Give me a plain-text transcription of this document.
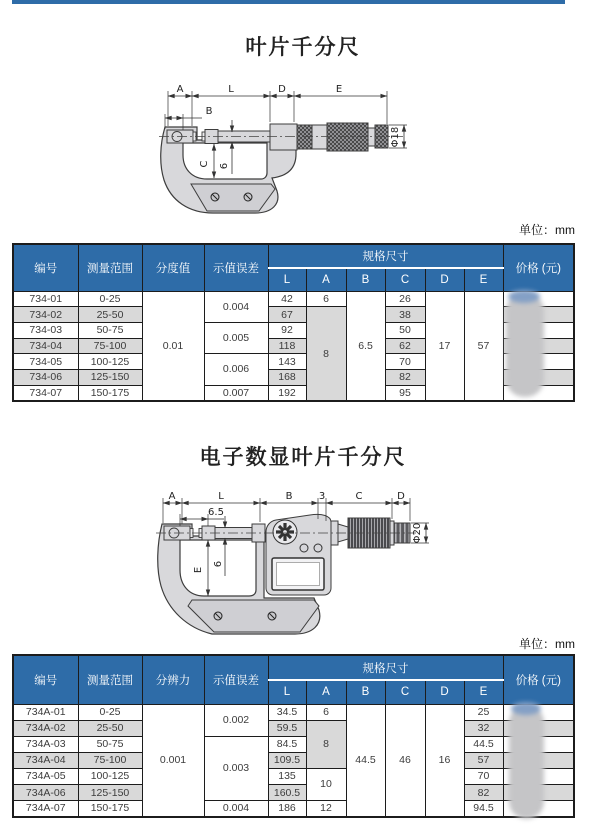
叶片千分尺
A	L	D	E
B
C 6
Φ18
单位：mm
编号	测量范围	分度值	示值误差	规格尺寸						价格 (元)
				L	A	B	C	D	E	
734-01	0-25	0.01	0.004	42	6	6.5	26	17	57	
734-02	25-50			67	8		38			
734-03	50-75		0.005	92			50			
734-04	75-100			118			62			
734-05	100-125		0.006	143			70			
734-06	125-150			168			82			
734-07	150-175		0.007	192			95			
电子数显叶片千分尺
A	L	B	3	C	D
6.5
E
6
Φ20
单位：mm
编号	测量范围	分辨力	示值误差	规格尺寸						价格 (元)
				L	A	B	C	D	E	
734A-01	0-25	0.001	0.002	34.5	6	44.5	46	16	25	
734A-02	25-50			59.5	8				32	
734A-03	50-75		0.003	84.5					44.5	
734A-04	75-100			109.5					57	
734A-05	100-125			135	10				70	
734A-06	125-150			160.5					82	
734A-07	150-175		0.004	186	12				94.5	
